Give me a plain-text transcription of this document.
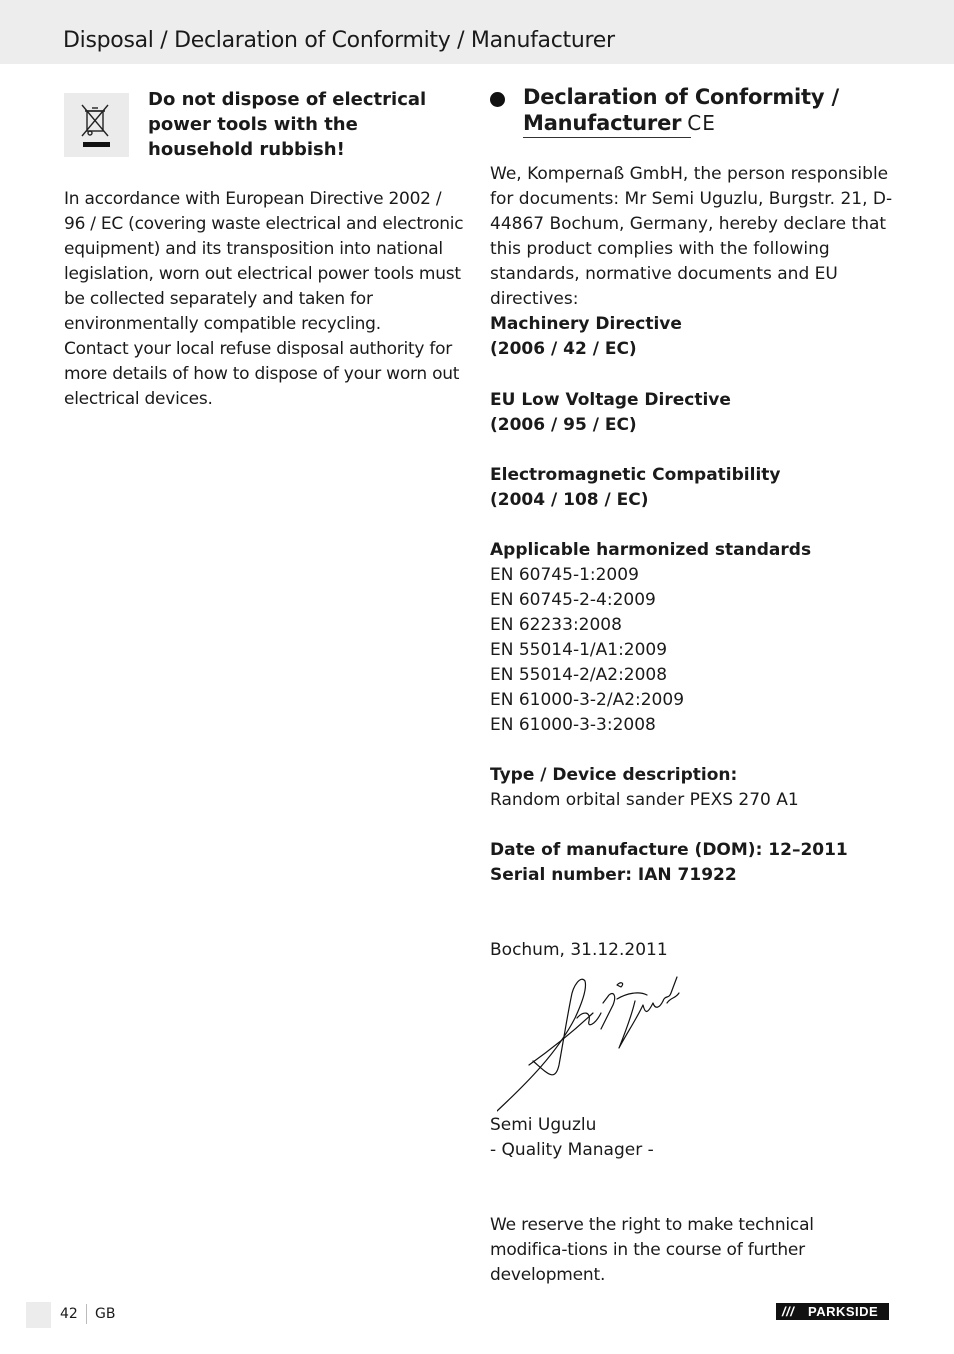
Disposal / Declaration of Conformity / Manufacturer
Do not dispose of electrical power tools with the household rubbish!

In accordance with European Directive 2002 / 96 / EC (covering waste electrical and electronic equipment) and its transposition into national legislation, worn out electrical power tools must be collected separately and taken for environmentally compatible recycling.

Contact your local refuse disposal authority for more details of how to dispose of your worn out electrical devices.

Declaration of Conformity /
Manufacturer CE

We, Kompernaß GmbH, the person responsible for documents: Mr Semi Uguzlu, Burgstr. 21, D-44867 Bochum, Germany, hereby declare that this product complies with the following standards, normative documents and EU directives:

Machinery Directive

(2006 / 42 / EC)

EU Low Voltage Directive

(2006 / 95 / EC)

Electromagnetic Compatibility

(2004 / 108 / EC)

Applicable harmonized standards

EN 60745-1:2009

EN 60745-2-4:2009

EN 62233:2008

EN 55014-1/A1:2009

EN 55014-2/A2:2008

EN 61000-3-2/A2:2009

EN 61000-3-3:2008

Type / Device description:

Random orbital sander PEXS 270 A1

Date of manufacture (DOM): 12–2011

Serial number: IAN 71922

Bochum, 31.12.2011

Semi Uguzlu

- Quality Manager -

We reserve the right to make technical modifica-tions in the course of further development.

42 GB	/// PARKSIDE
